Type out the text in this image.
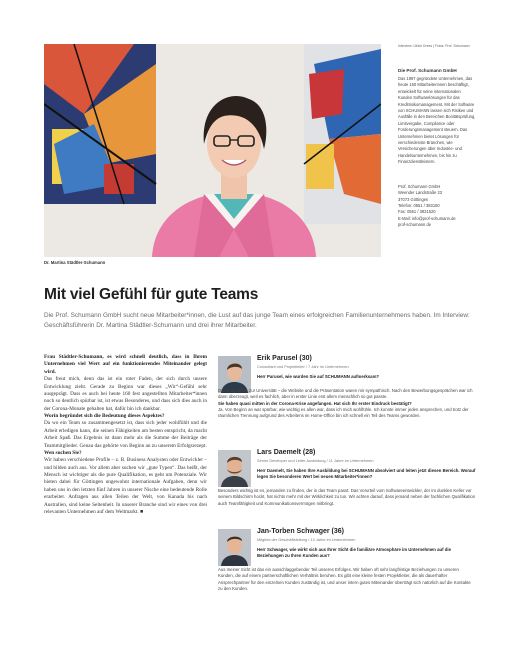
Dr. Martina Städtler-Schumann
Interview: Ulrich Drees | Fotos: Prof. Schumann
Die Prof. Schumann GmbH
Das 1997 gegründete Unternehmen, das heute 160 Mitarbeiterinnen beschäftigt, entwickelt für seine internationalen Kunden Softwarelösungen für das Kreditrisikomanagement. Mit der Software von SCHUMANN lassen sich Risiken und Ausfälle in den Bereichen Bonitätsprüfung, Limitvergabe, Compliance oder Forderungsmanagement steuern. Das Unternehmen bietet Lösungen für verschiedenste Branchen, wie Versicherungen über Industrie- und Handelsunternehmen, bis hin zu Finanzdienstleistern.
Prof. Schumann GmbH
Weender Landstraße 23
37073 Göttingen
Telefon: 0551 / 383150
Fax: 0551 / 3831520
E-Mail: info@prof-schumann.de
prof-schumann.de
Mit viel Gefühl für gute Teams
Die Prof. Schumann GmbH sucht neue Mitarbeiter*innen, die Lust auf das junge Team eines erfolgreichen Familienunternehmens haben. Im Interview: Geschäftsführerin Dr. Martina Städtler-Schumann und drei ihrer Mitarbeiter.

Frau Städtler-Schumann, es wird schnell deutlich, dass in Ihrem Unternehmen viel Wert auf ein funktionierendes Miteinander gelegt wird.

Das freut mich, denn das ist ein roter Faden, der sich durch unsere Entwicklung zieht. Gerade zu Beginn war dieses „Wir“-Gefühl sehr ausgeprägt. Dass es auch bei heute 160 fest angestellten Mitarbeiter*innen noch so deutlich spürbar ist, ist etwas Besonderes, und dass sich dies auch in der Corona-Monate gehalten hat, dafür bin ich dankbar.

Worin begründet sich die Bedeutung dieses Aspektes?

Da wo ein Team so zusammengesetzt ist, dass sich jeder wohlfühlt und die Arbeit erledigen kann, die seinen Fähigkeiten am besten entspricht, da macht Arbeit Spaß. Das Ergebnis ist dann mehr als die Summe der Beiträge der Teammitglieder. Genau das gehörte von Beginn an zu unserem Erfolgsrezept.

Wen suchen Sie?

Wir haben verschiedene Profile – z. B. Business Analysten oder Entwickler – und bilden auch aus. Vor allem aber suchen wir „gute Typen“. Das heißt, der Mensch ist wichtiger als die pure Qualifikation, es geht um Potenziale. Wir bieten dabei für Göttingen ungewohnt internationale Aufgaben, denn wir haben uns in den letzten fünf Jahren in unserer Nische eine bedeutende Rolle erarbeitet. Anfragen aus allen Teilen der Welt, von Kanada bis nach Australien, sind keine Seltenheit. In unserer Branche sind wir eines von drei relevanten Unternehmen auf dem Weltmarkt. ■

Erik Parusel (30)
Consultant und Projektleiter / 7 Jahr im Unternehmen
Herr Parusel, wie wurden Sie auf SCHUMANN aufmerksam?
Durch die Nähe zur Universität – die Website und die Präsentation waren mir sympathisch. Nach den Bewerbungsgesprächen war ich dann überzeugt, weil es fachlich, aber in erster Linie erst allem menschlich so gut passte.
Sie haben quasi mitten in der Corona-Krise angefangen. Hat sich Ihr erster Eindruck bestätigt?
Ja. Von Beginn an war spürbar, wie wichtig es allen war, dass ich mich wohlfühle. Ich konnte immer jeden ansprechen, und trotz der räumlichen Trennung aufgrund des Arbeitens im Home-Office bin ich schnell ein Teil des Teams geworden.
Lars Daemelt (28)
Senior Developer und Leiter Ausbildung / 11 Jahre im Unternehmen
Herr Daemelt, Sie haben Ihre Ausbildung bei SCHUMANN absolviert und leiten jetzt diesen Bereich. Worauf legen Sie besonderen Wert bei neuen Mitarbeiter*innen?
Besonders wichtig ist es, jemanden zu finden, der in das Team passt. Das Vorurteil vom Softwareentwickler, der im dunklen Keller vor seinem Bildschirm hockt, hat nichts mehr mit der Wirklichkeit zu tun. Wir achten darauf, dass jemand neben der fachlichen Qualifikation auch Teamfähigkeit und Kommunikationsvermögen mitbringt.
Jan-Torben Schwager (36)
Mitglied der Geschäftsleitung / 14 Jahre im Unternehmen
Herr Schwager, wie wirkt sich aus Ihrer Sicht die familiäre Atmosphäre im Unternehmen auf die Beziehungen zu Ihren Kunden aus?
Aus meiner Sicht ist das ein ausschlaggebender Teil unseres Erfolges. Wir haben oft sehr langfristige Beziehungen zu unseren Kunden, die auf einem partnerschaftlichen Verhältnis beruhen. Es gibt eine kleine festen Projektleiter, die als dauerhafter Ansprechpartner für den einzelnen Kunden zuständig ist, und unser intern gutes Miteinander überträgt sich natürlich auf die Kontakte zu den Kunden.
